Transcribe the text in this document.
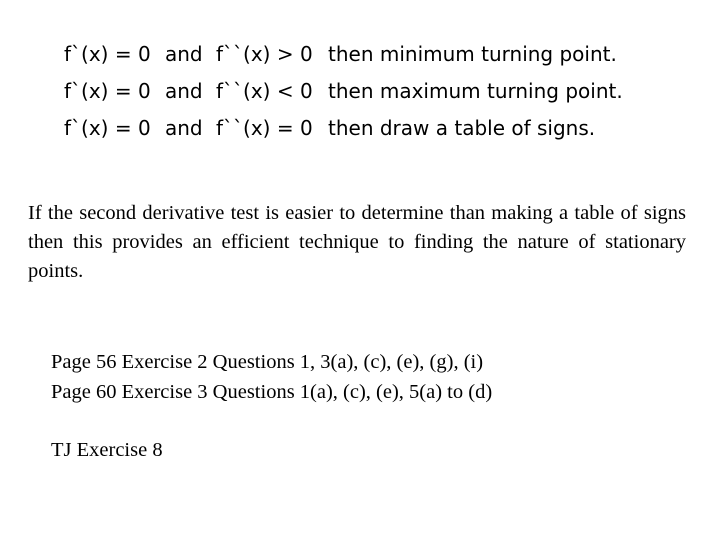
f`(x) = 0 and f``(x) > 0 then minimum turning point.
f`(x) = 0 and f``(x) < 0 then maximum turning point.
f`(x) = 0 and f``(x) = 0 then draw a table of signs.
If the second derivative test is easier to determine than making a table of signs then this provides an efficient technique to finding the nature of stationary points.
Page 56 Exercise 2 Questions 1, 3(a), (c), (e), (g), (i)
Page 60 Exercise 3 Questions 1(a), (c), (e), 5(a) to (d)
TJ Exercise 8
